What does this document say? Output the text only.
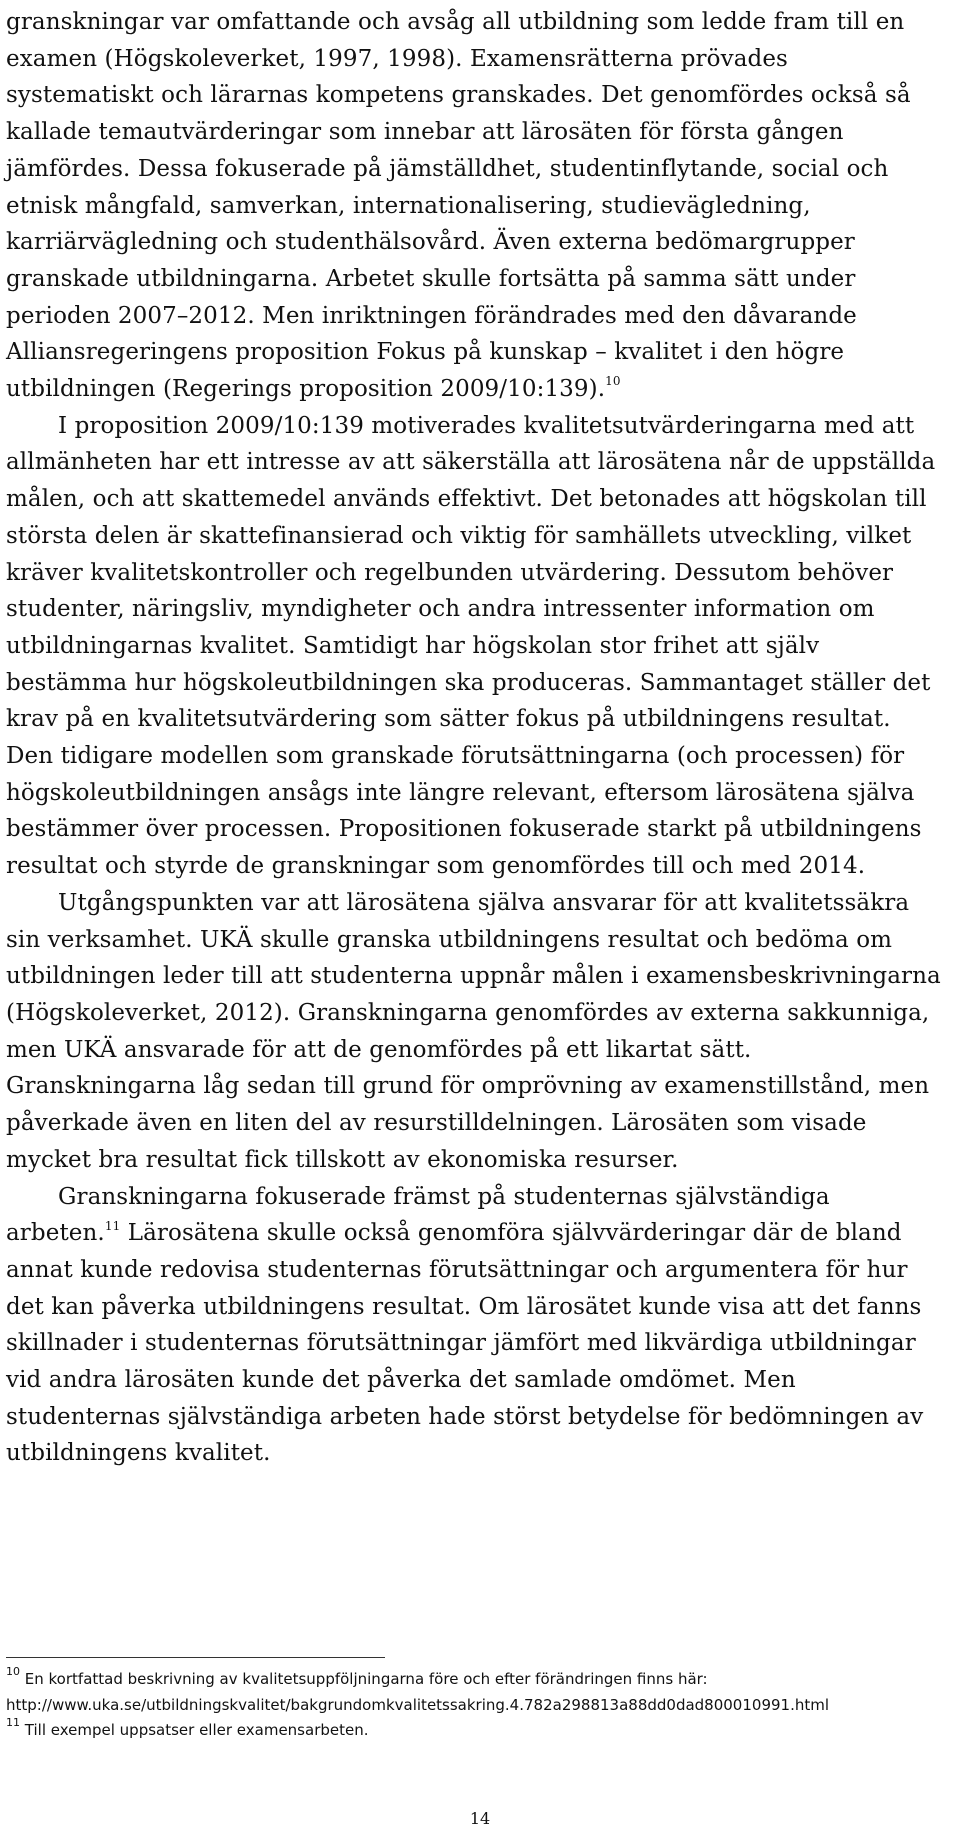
granskningar var omfattande och avsåg all utbildning som ledde fram till en examen (Högskoleverket, 1997, 1998). Examensrätterna prövades systematiskt och lärarnas kompetens granskades. Det genomfördes också så kallade temautvärderingar som innebar att lärosäten för första gången jämfördes. Dessa fokuserade på jämställdhet, studentinflytande, social och etnisk mångfald, samverkan, internationalisering, studievägledning, karriärvägledning och studenthälsovård. Även externa bedömargrupper granskade utbildningarna. Arbetet skulle fortsätta på samma sätt under perioden 2007–2012. Men inriktningen förändrades med den dåvarande Alliansregeringens proposition Fokus på kunskap – kvalitet i den högre utbildningen (Regerings proposition 2009/10:139).$^{10}$

I proposition 2009/10:139 motiverades kvalitetsutvärderingarna med att allmänheten har ett intresse av att säkerställa att lärosätena når de uppställda målen, och att skattemedel används effektivt. Det betonades att högskolan till största delen är skattefinansierad och viktig för samhällets utveckling, vilket kräver kvalitetskontroller och regelbunden utvärdering. Dessutom behöver studenter, näringsliv, myndigheter och andra intressenter information om utbildningarnas kvalitet. Samtidigt har högskolan stor frihet att själv bestämma hur högskoleutbildningen ska produceras. Sammantaget ställer det krav på en kvalitetsutvärdering som sätter fokus på utbildningens resultat. Den tidigare modellen som granskade förutsättningarna (och processen) för högskoleutbildningen ansågs inte längre relevant, eftersom lärosätena själva bestämmer över processen. Propositionen fokuserade starkt på utbildningens resultat och styrde de granskningar som genomfördes till och med 2014.

Utgångspunkten var att lärosätena själva ansvarar för att kvalitetssäkra sin verksamhet. UKÄ skulle granska utbildningens resultat och bedöma om utbildningen leder till att studenterna uppnår målen i examensbeskrivningarna (Högskoleverket, 2012). Granskningarna genomfördes av externa sakkunniga, men UKÄ ansvarade för att de genomfördes på ett likartat sätt. Granskningarna låg sedan till grund för omprövning av examenstillstånd, men påverkade även en liten del av resurstilldelningen. Lärosäten som visade mycket bra resultat fick tillskott av ekonomiska resurser.

Granskningarna fokuserade främst på studenternas självständiga arbeten.$^{11}$ Lärosätena skulle också genomföra självvärderingar där de bland annat kunde redovisa studenternas förutsättningar och argumentera för hur det kan påverka utbildningens resultat. Om lärosätet kunde visa att det fanns skillnader i studenternas förutsättningar jämfört med likvärdiga utbildningar vid andra lärosäten kunde det påverka det samlade omdömet. Men studenternas självständiga arbeten hade störst betydelse för bedömningen av utbildningens kvalitet.

$^{10}$ En kortfattad beskrivning av kvalitetsuppföljningarna före och efter förändringen finns här:
http://www.uka.se/utbildningskvalitet/bakgrundomkvalitetssakring.4.782a298813a88dd0dad800010991.html

$^{11}$ Till exempel uppsatser eller examensarbeten.

14
